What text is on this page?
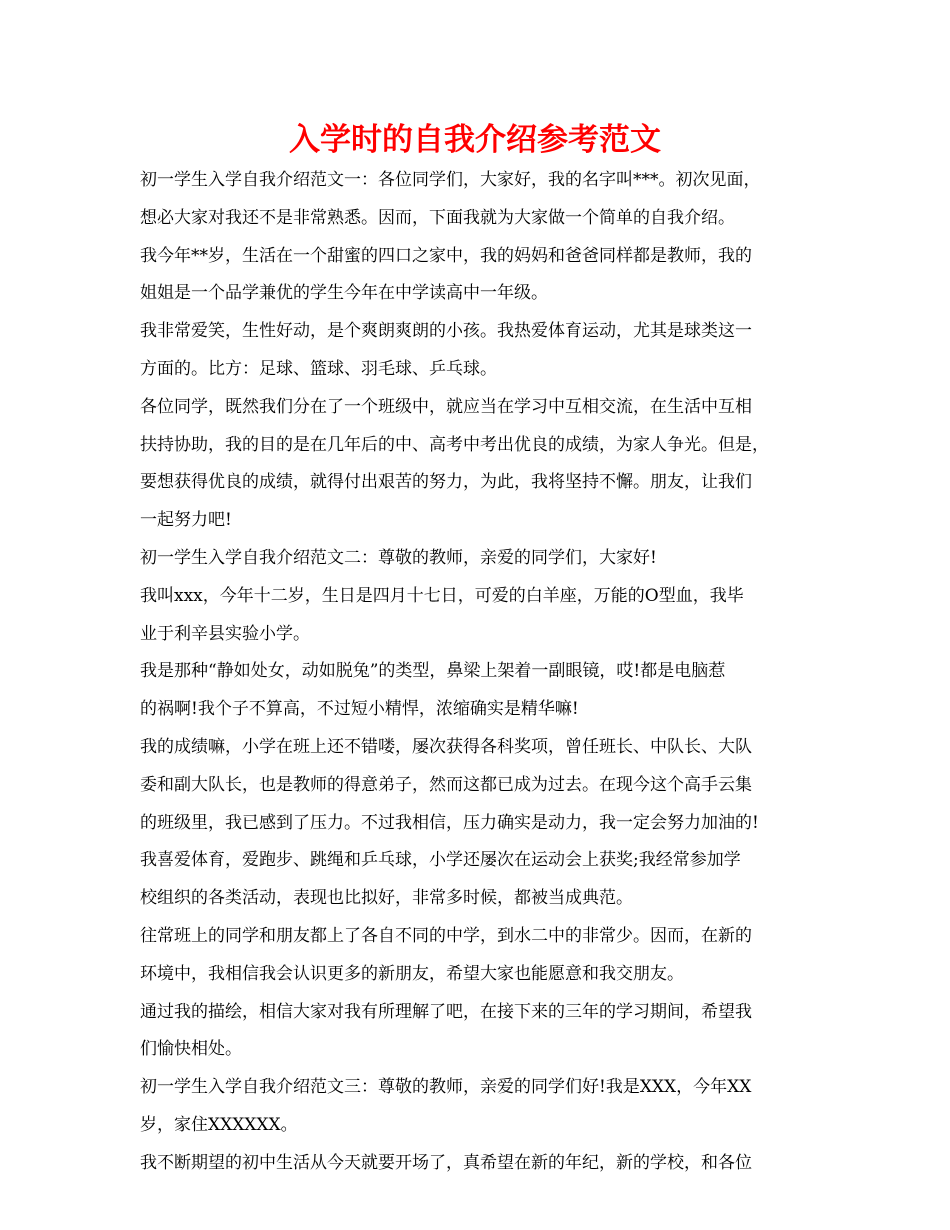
入学时的自我介绍参考范文
初一学生入学自我介绍范文一：各位同学们，大家好，我的名字叫***。初次见面，
想必大家对我还不是非常熟悉。因而，下面我就为大家做一个简单的自我介绍。
我今年**岁，生活在一个甜蜜的四口之家中，我的妈妈和爸爸同样都是教师，我的
姐姐是一个品学兼优的学生今年在中学读高中一年级。
我非常爱笑，生性好动，是个爽朗爽朗的小孩。我热爱体育运动，尤其是球类这一
方面的。比方：足球、篮球、羽毛球、乒乓球。
各位同学，既然我们分在了一个班级中，就应当在学习中互相交流，在生活中互相
扶持协助，我的目的是在几年后的中、高考中考出优良的成绩，为家人争光。但是，
要想获得优良的成绩，就得付出艰苦的努力，为此，我将坚持不懈。朋友，让我们
一起努力吧!
初一学生入学自我介绍范文二：尊敬的教师，亲爱的同学们，大家好!
我叫xxx，今年十二岁，生日是四月十七日，可爱的白羊座，万能的O型血，我毕
业于利辛县实验小学。
我是那种“静如处女，动如脱兔”的类型，鼻梁上架着一副眼镜，哎!都是电脑惹
的祸啊!我个子不算高，不过短小精悍，浓缩确实是精华嘛!
我的成绩嘛，小学在班上还不错喽，屡次获得各科奖项，曾任班长、中队长、大队
委和副大队长，也是教师的得意弟子，然而这都已成为过去。在现今这个高手云集
的班级里，我已感到了压力。不过我相信，压力确实是动力，我一定会努力加油的!
我喜爱体育，爱跑步、跳绳和乒乓球，小学还屡次在运动会上获奖;我经常参加学
校组织的各类活动，表现也比拟好，非常多时候，都被当成典范。
往常班上的同学和朋友都上了各自不同的中学，到水二中的非常少。因而，在新的
环境中，我相信我会认识更多的新朋友，希望大家也能愿意和我交朋友。
通过我的描绘，相信大家对我有所理解了吧，在接下来的三年的学习期间，希望我
们愉快相处。
初一学生入学自我介绍范文三：尊敬的教师，亲爱的同学们好!我是XXX，今年XX
岁，家住XXXXXX。
我不断期望的初中生活从今天就要开场了，真希望在新的年纪，新的学校，和各位
